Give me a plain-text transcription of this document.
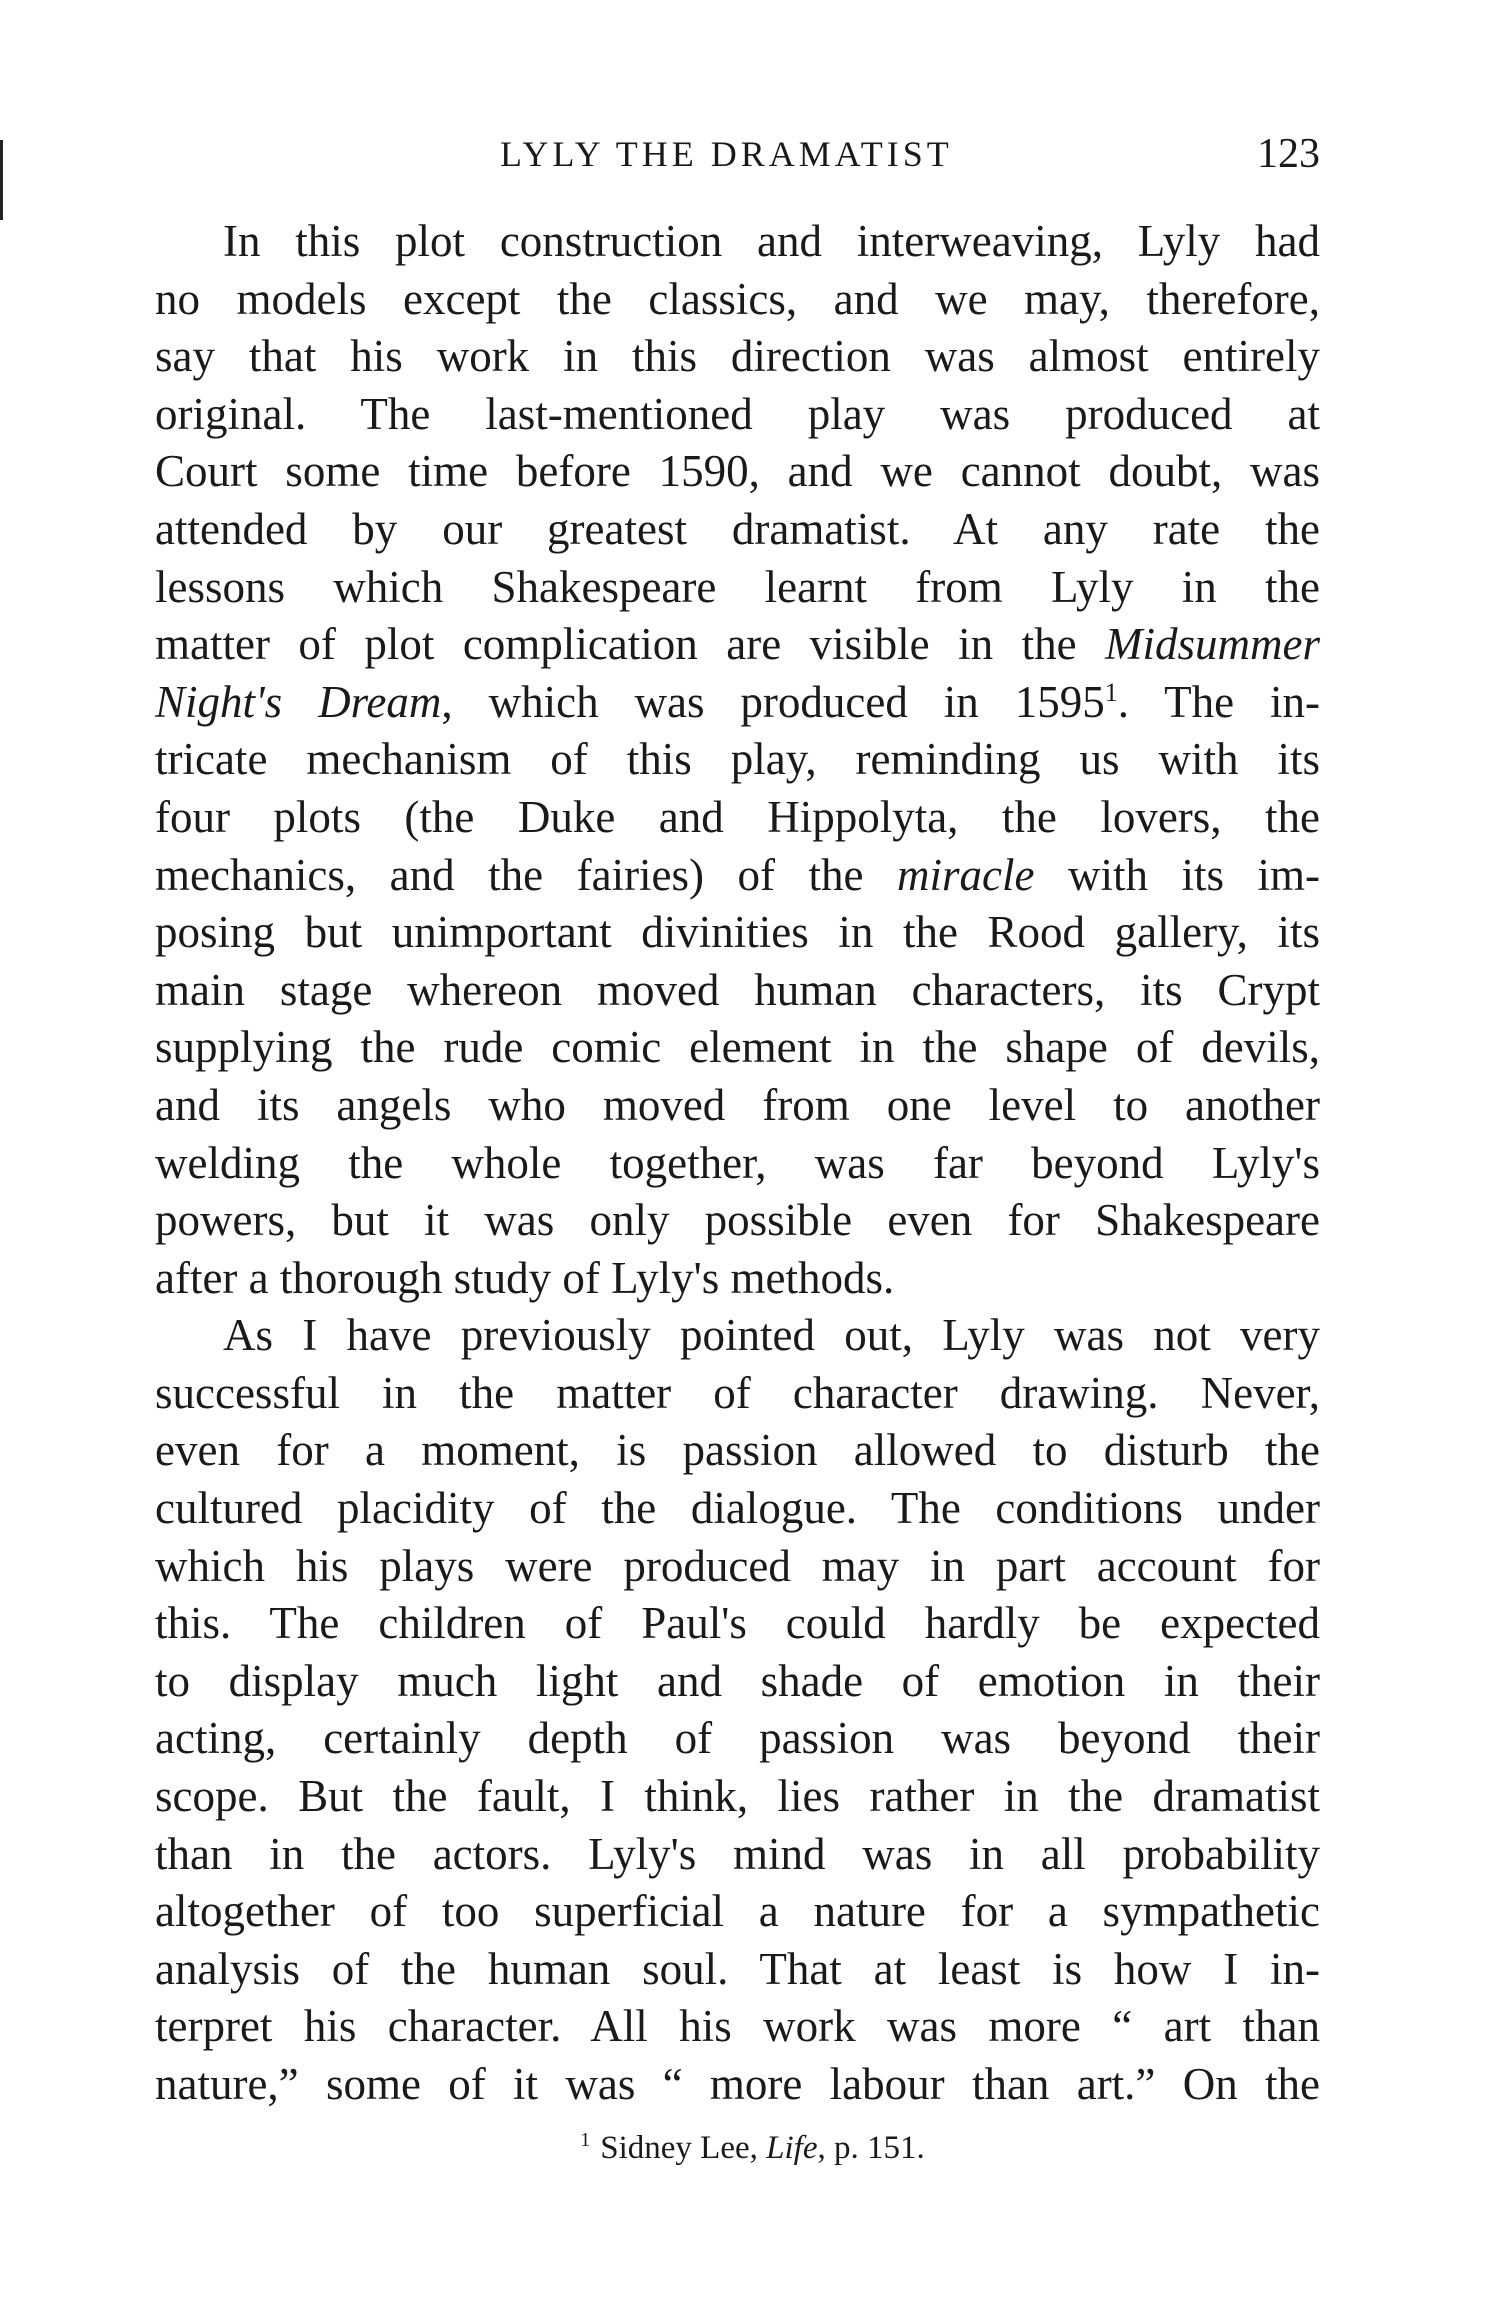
LYLY THE DRAMATIST	123
In this plot construction and interweaving, Lyly had
no models except the classics, and we may, therefore,
say that his work in this direction was almost entirely
original. The last-mentioned play was produced at
Court some time before 1590, and we cannot doubt, was
attended by our greatest dramatist. At any rate the
lessons which Shakespeare learnt from Lyly in the
matter of plot complication are visible in the Midsummer
Night's Dream, which was produced in 1595$^1$. The in-
tricate mechanism of this play, reminding us with its
four plots (the Duke and Hippolyta, the lovers, the
mechanics, and the fairies) of the miracle with its im-
posing but unimportant divinities in the Rood gallery, its
main stage whereon moved human characters, its Crypt
supplying the rude comic element in the shape of devils,
and its angels who moved from one level to another
welding the whole together, was far beyond Lyly's
powers, but it was only possible even for Shakespeare
after a thorough study of Lyly's methods.
As I have previously pointed out, Lyly was not very
successful in the matter of character drawing. Never,
even for a moment, is passion allowed to disturb the
cultured placidity of the dialogue. The conditions under
which his plays were produced may in part account for
this. The children of Paul's could hardly be expected
to display much light and shade of emotion in their
acting, certainly depth of passion was beyond their
scope. But the fault, I think, lies rather in the dramatist
than in the actors. Lyly's mind was in all probability
altogether of too superficial a nature for a sympathetic
analysis of the human soul. That at least is how I in-
terpret his character. All his work was more “ art than
nature,” some of it was “ more labour than art.” On the
$^1$ Sidney Lee, Life, p. 151.
